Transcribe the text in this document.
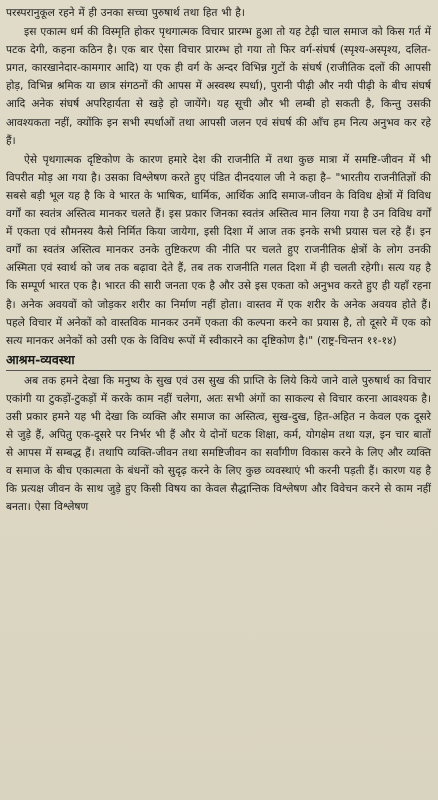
परस्परानुकूल रहने में ही उनका सच्चा पुरुषार्थ तथा हित भी है।

इस एकात्म धर्म की विस्मृति होकर पृथगात्मक विचार प्रारम्भ हुआ तो यह टेढ़ी चाल समाज को किस गर्त में पटक देगी, कहना कठिन है। एक बार ऐसा विचार प्रारम्भ हो गया तो फिर वर्ग-संघर्ष (स्पृश्य-अस्पृश्य, दलित-प्रगत, कारखानेदार-कामगार आदि) या एक ही वर्ग के अन्दर विभिन्न गुटों के संघर्ष (राजीतिक दलों की आपसी होड़, विभिन्न श्रमिक या छात्र संगठनों की आपस में अस्वस्थ स्पर्धा), पुरानी पीढ़ी और नयी पीढ़ी के बीच संघर्ष आदि अनेक संघर्ष अपरिहार्यता से खड़े हो जायेंगे। यह सूची और भी लम्बी हो सकती है, किन्तु उसकी आवश्यकता नहीं, क्योंकि इन सभी स्पर्धाओं तथा आपसी जलन एवं संघर्ष की आँच हम नित्य अनुभव कर रहे हैं।

ऐसे पृथगात्मक दृष्टिकोण के कारण हमारे देश की राजनीति में तथा कुछ मात्रा में समष्टि-जीवन में भी विपरीत मोड़ आ गया है। उसका विश्लेषण करते हुए पंडित दीनदयाल जी ने कहा है– "भारतीय राजनीतिज्ञों की सबसे बड़ी भूल यह है कि वे भारत के भाषिक, धार्मिक, आर्थिक आदि समाज-जीवन के विविध क्षेत्रों में विविध वर्गों का स्वतंत्र अस्तित्व मानकर चलते हैं। इस प्रकार जिनका स्वतंत्र अस्तित्व मान लिया गया है उन विविध वर्गों में एकता एवं सौमनस्य कैसे निर्मित किया जायेगा, इसी दिशा में आज तक इनके सभी प्रयास चल रहे हैं। इन वर्गों का स्वतंत्र अस्तित्व मानकर उनके तुष्टिकरण की नीति पर चलते हुए राजनीतिक क्षेत्रों के लोग उनकी अस्मिता एवं स्वार्थ को जब तक बढ़ावा देते हैं, तब तक राजनीति गलत दिशा में ही चलती रहेगी। सत्य यह है कि सम्पूर्ण भारत एक है। भारत की सारी जनता एक है और उसे इस एकता को अनुभव करते हुए ही यहाँ रहना है। अनेक अवयवों को जोड़कर शरीर का निर्माण नहीं होता। वास्तव में एक शरीर के अनेक अवयव होते हैं। पहले विचार में अनेकों को वास्तविक मानकर उनमें एकता की कल्पना करने का प्रयास है, तो दूसरे में एक को सत्य मानकर अनेकों को उसी एक के विविध रूपों में स्वीकारने का दृष्टिकोण है।" (राष्ट्र-चिन्तन ११-१४)

आश्रम-व्यवस्था

अब तक हमने देखा कि मनुष्य के सुख एवं उस सुख की प्राप्ति के लिये किये जाने वाले पुरुषार्थ का विचार एकांगी या टुकड़ों-टुकड़ों में करके काम नहीं चलेगा, अतः सभी अंगों का साकल्य से विचार करना आवश्यक है। उसी प्रकार हमने यह भी देखा कि व्यक्ति और समाज का अस्तित्व, सुख-दुख, हित-अहित न केवल एक दूसरे से जुड़े हैं, अपितु एक-दूसरे पर निर्भर भी हैं और ये दोनों घटक शिक्षा, कर्म, योगक्षेम तथा यज्ञ, इन चार बातों से आपस में सम्बद्ध हैं। तथापि व्यक्ति-जीवन तथा समष्टिजीवन का सर्वांगीण विकास करने के लिए और व्यक्ति व समाज के बीच एकात्मता के बंधनों को सुदृढ़ करने के लिए कुछ व्यवस्थाएं भी करनी पड़ती हैं। कारण यह है कि प्रत्यक्ष जीवन के साथ जुड़े हुए किसी विषय का केवल सैद्धान्तिक विश्लेषण और विवेचन करने से काम नहीं बनता। ऐसा विश्लेषण
